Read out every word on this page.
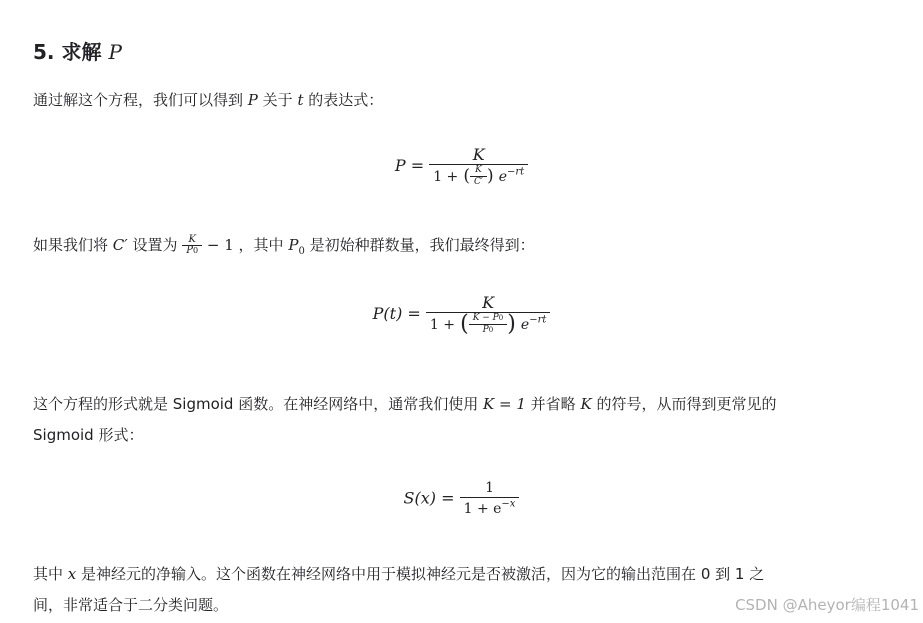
5. 求解 P
通过解这个方程，我们可以得到 P 关于 t 的表达式：
P =
K
1 + ( $\frac{K}{C'}$ ) $e^{-rt}$
如果我们将 C′ 设置为 $\frac{K}{P0} - 1$ ，其中 $P_0$ 是初始种群数量，我们最终得到：
P(t) =
K
1 + ( $\frac{K - P0}{P0}$ ) $e^{-rt}$
这个方程的形式就是 Sigmoid 函数。在神经网络中，通常我们使用 K = 1 并省略 K 的符号，从而得到更常见的
Sigmoid 形式：
$S(x) = \frac{1}{1 + e^{-x}}$
其中 x 是神经元的净输入。这个函数在神经网络中用于模拟神经元是否被激活，因为它的输出范围在 0 到 1 之
间，非常适合于二分类问题。	CSDN @Aheyor编程1041
